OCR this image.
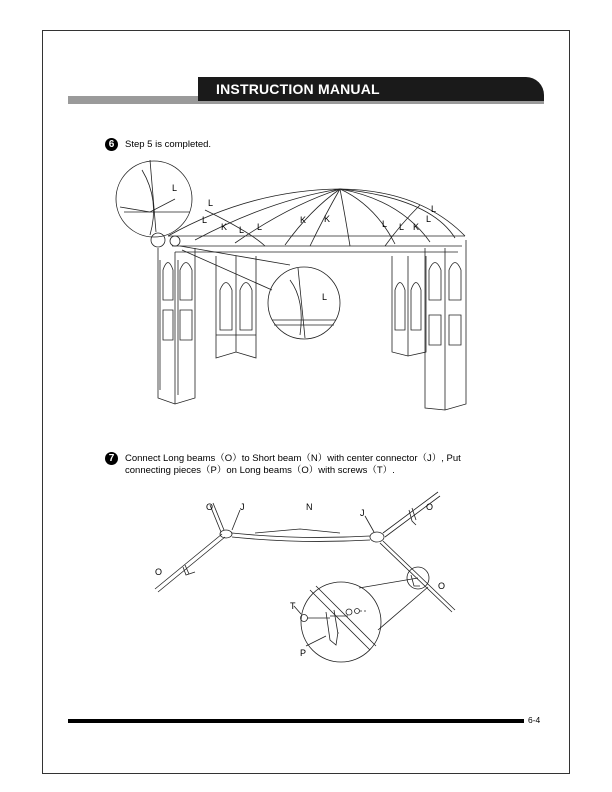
INSTRUCTION MANUAL
6	Step 5 is completed.
7	Connect Long beams（O）to Short beam（N）with center connector（J）, Put
connecting pieces（P）on Long beams（O）with screws（T）.
L
L
L
K L L
K K	L L K
L
L
L
O	J	N
J
O
O
O
T
P
6-4
